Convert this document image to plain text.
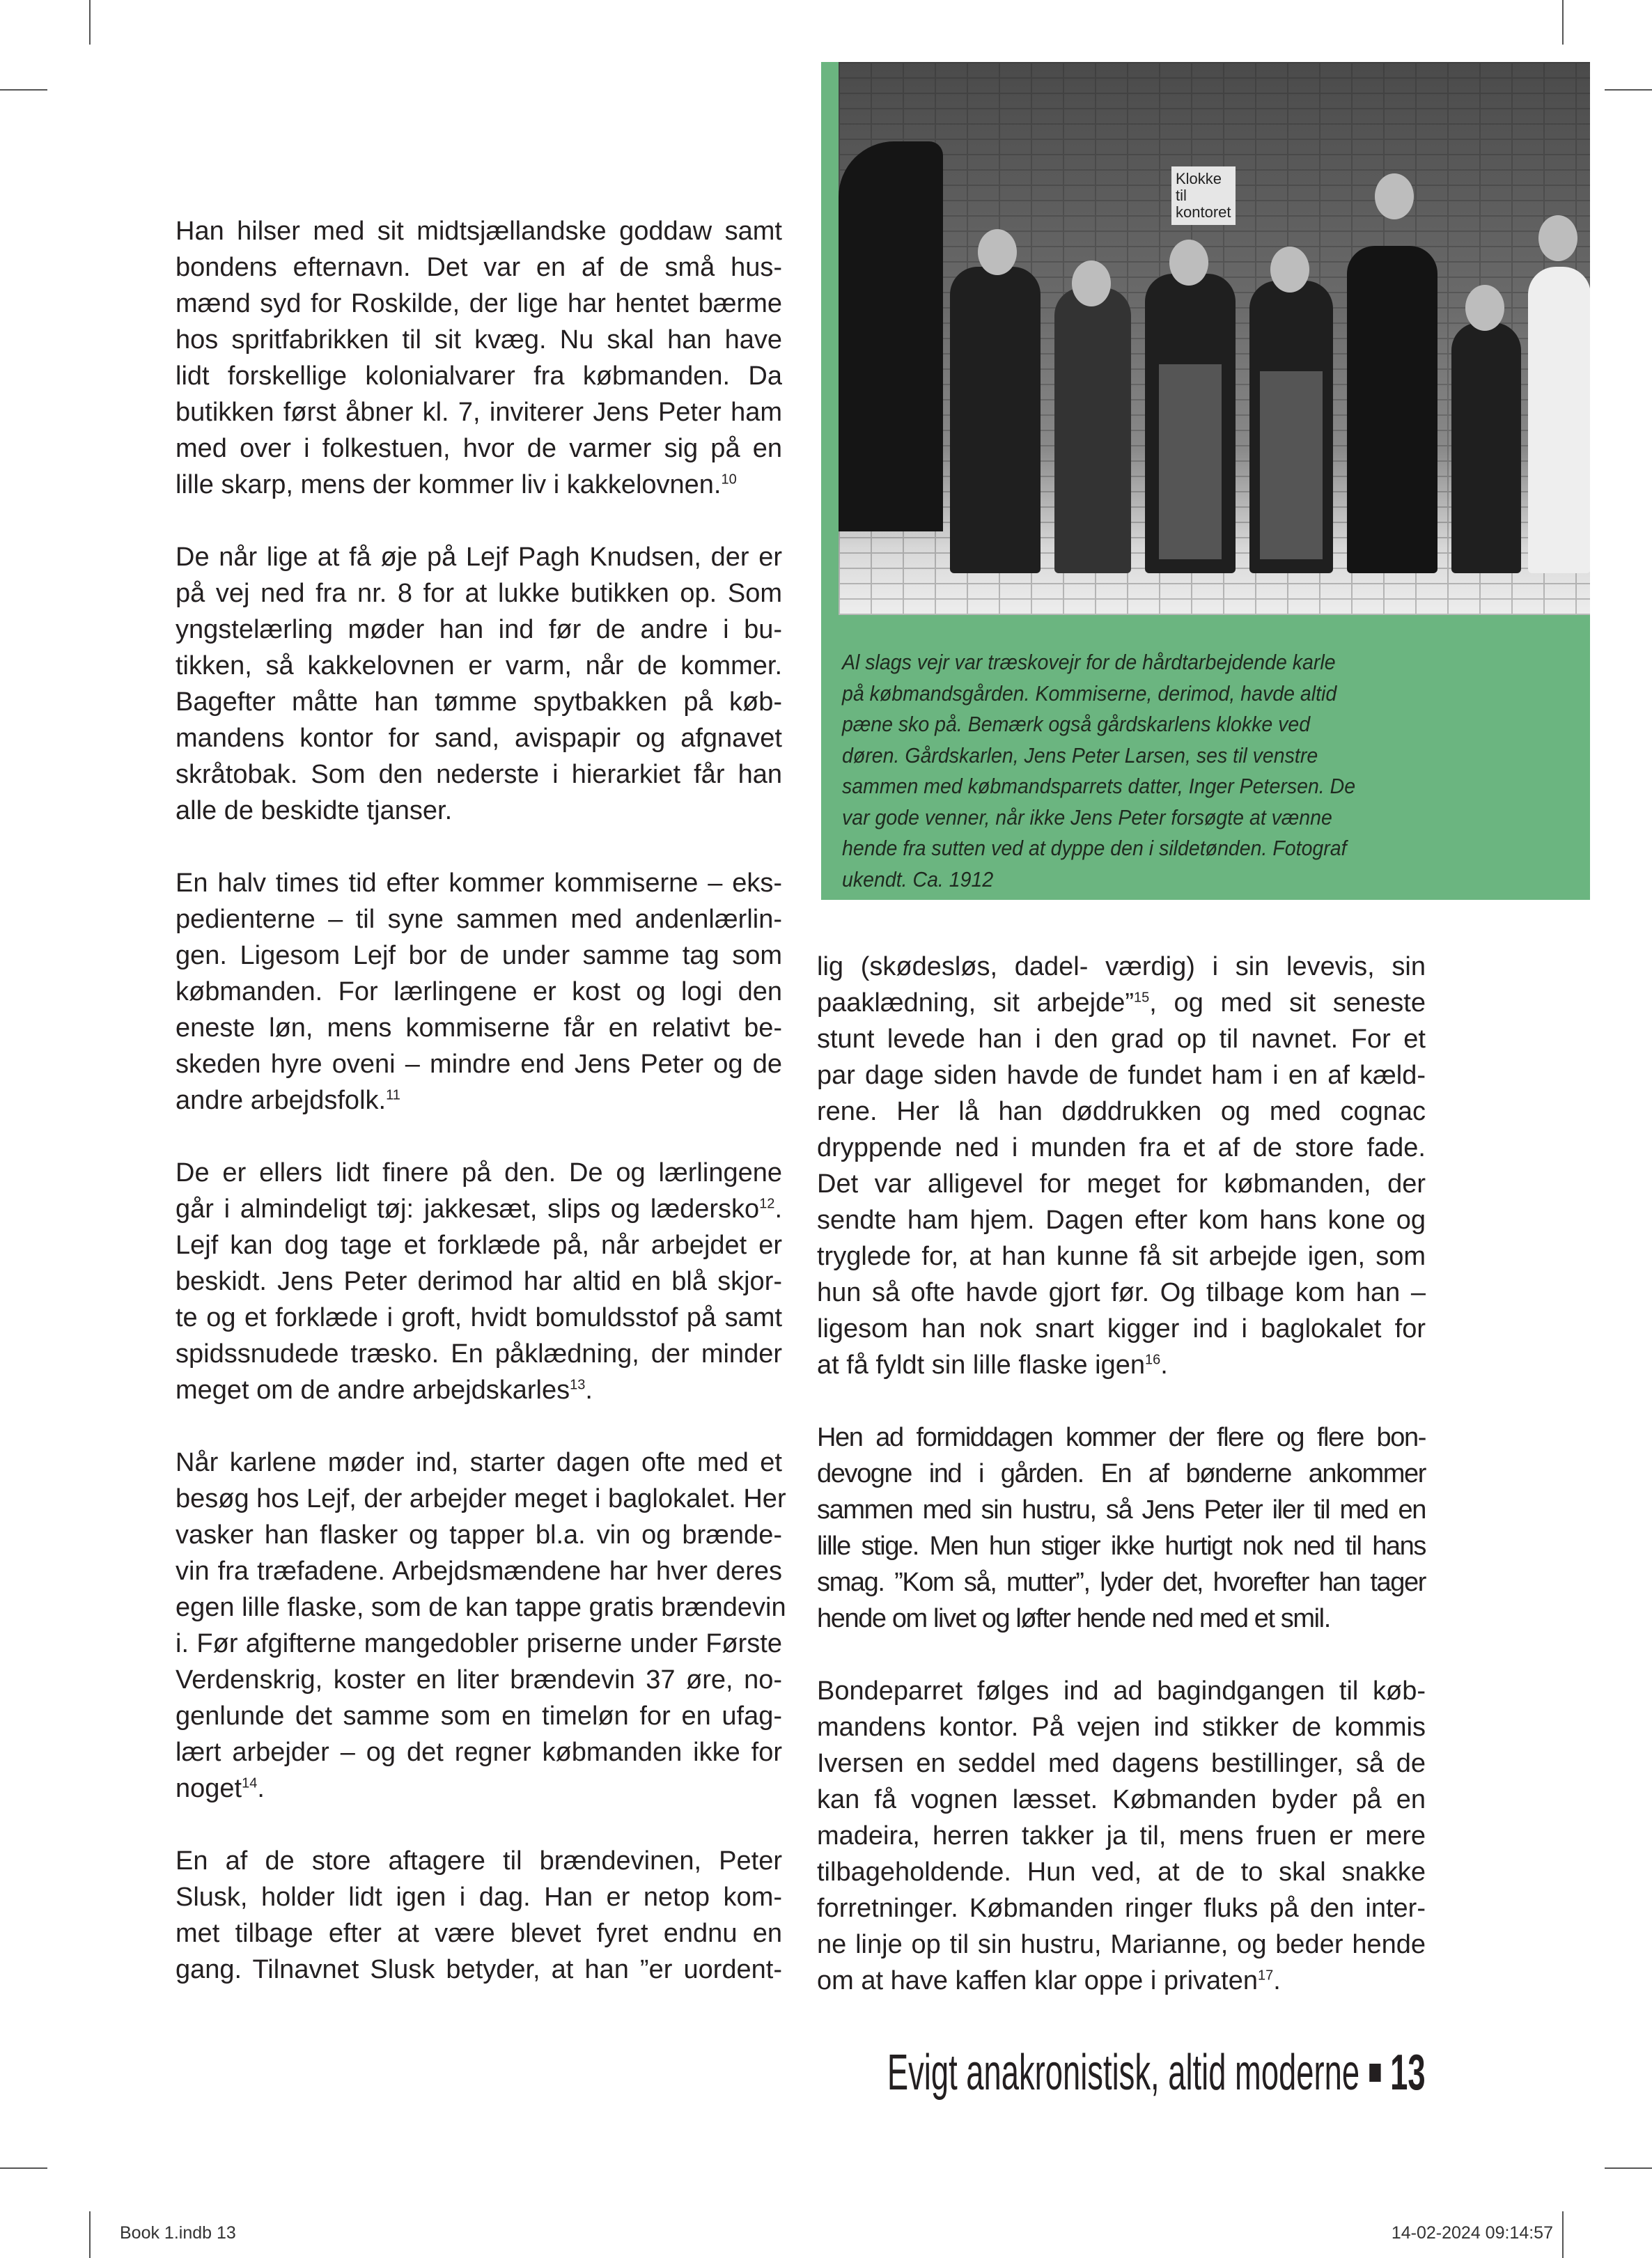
Han hilser med sit midtsjællandske goddaw samt
bondens efternavn. Det var en af de små hus-
mænd syd for Roskilde, der lige har hentet bærme
hos spritfabrikken til sit kvæg. Nu skal han have
lidt forskellige kolonialvarer fra købmanden. Da
butikken først åbner kl. 7, inviterer Jens Peter ham
med over i folkestuen, hvor de varmer sig på en
lille skarp, mens der kommer liv i kakkelovnen.$^{10}$
De når lige at få øje på Lejf Pagh Knudsen, der er
på vej ned fra nr. 8 for at lukke butikken op. Som
yngstelærling møder han ind før de andre i bu-
tikken, så kakkelovnen er varm, når de kommer.
Bagefter måtte han tømme spytbakken på køb-
mandens kontor for sand, avispapir og afgnavet
skråtobak. Som den nederste i hierarkiet får han
alle de beskidte tjanser.
En halv times tid efter kommer kommiserne – eks-
pedienterne – til syne sammen med andenlærlin-
gen. Ligesom Lejf bor de under samme tag som
købmanden. For lærlingene er kost og logi den
eneste løn, mens kommiserne får en relativt be-
skeden hyre oveni – mindre end Jens Peter og de
andre arbejdsfolk.$^{11}$
De er ellers lidt finere på den. De og lærlingene
går i almindeligt tøj: jakkesæt, slips og lædersko$^{12}$.
Lejf kan dog tage et forklæde på, når arbejdet er
beskidt. Jens Peter derimod har altid en blå skjor-
te og et forklæde i groft, hvidt bomuldsstof på samt
spidssnudede træsko. En påklædning, der minder
meget om de andre arbejdskarles$^{13}$.
Når karlene møder ind, starter dagen ofte med et
besøg hos Lejf, der arbejder meget i baglokalet. Her
vasker han flasker og tapper bl.a. vin og brænde-
vin fra træfadene. Arbejdsmændene har hver deres
egen lille flaske, som de kan tappe gratis brændevin
i. Før afgifterne mangedobler priserne under Første
Verdenskrig, koster en liter brændevin 37 øre, no-
genlunde det samme som en timeløn for en ufag-
lært arbejder – og det regner købmanden ikke for
noget$^{14}$.
En af de store aftagere til brændevinen, Peter
Slusk, holder lidt igen i dag. Han er netop kom-
met tilbage efter at være blevet fyret endnu en
gang. Tilnavnet Slusk betyder, at han ”er uordent-
lig (skødesløs, dadel- værdig) i sin levevis, sin
paaklædning, sit arbejde”$^{15}$, og med sit seneste
stunt levede han i den grad op til navnet. For et
par dage siden havde de fundet ham i en af kæld-
rene. Her lå han døddrukken og med cognac
dryppende ned i munden fra et af de store fade.
Det var alligevel for meget for købmanden, der
sendte ham hjem. Dagen efter kom hans kone og
tryglede for, at han kunne få sit arbejde igen, som
hun så ofte havde gjort før. Og tilbage kom han –
ligesom han nok snart kigger ind i baglokalet for
at få fyldt sin lille flaske igen$^{16}$.
Hen ad formiddagen kommer der flere og flere bon-
devogne ind i gården. En af bønderne ankommer
sammen med sin hustru, så Jens Peter iler til med en
lille stige. Men hun stiger ikke hurtigt nok ned til hans
smag. ”Kom så, mutter”, lyder det, hvorefter han tager
hende om livet og løfter hende ned med et smil.
Bondeparret følges ind ad bagindgangen til køb-
mandens kontor. På vejen ind stikker de kommis
Iversen en seddel med dagens bestillinger, så de
kan få vognen læsset. Købmanden byder på en
madeira, herren takker ja til, mens fruen er mere
tilbageholdende. Hun ved, at de to skal snakke
forretninger. Købmanden ringer fluks på den inter-
ne linje op til sin hustru, Marianne, og beder hende
om at have kaffen klar oppe i privaten$^{17}$.
Klokke til kontoret
Al slags vejr var træskovejr for de hårdtarbejdende karle
på købmandsgården. Kommiserne, derimod, havde altid
pæne sko på. Bemærk også gårdskarlens klokke ved
døren. Gårdskarlen, Jens Peter Larsen, ses til venstre
sammen med købmandsparrets datter, Inger Petersen. De
var gode venner, når ikke Jens Peter forsøgte at vænne
hende fra sutten ved at dyppe den i sildetønden. Fotograf
ukendt. Ca. 1912
Evigt anakronistisk, altid moderne 13
Book 1.indb 13	14-02-2024 09:14:57
